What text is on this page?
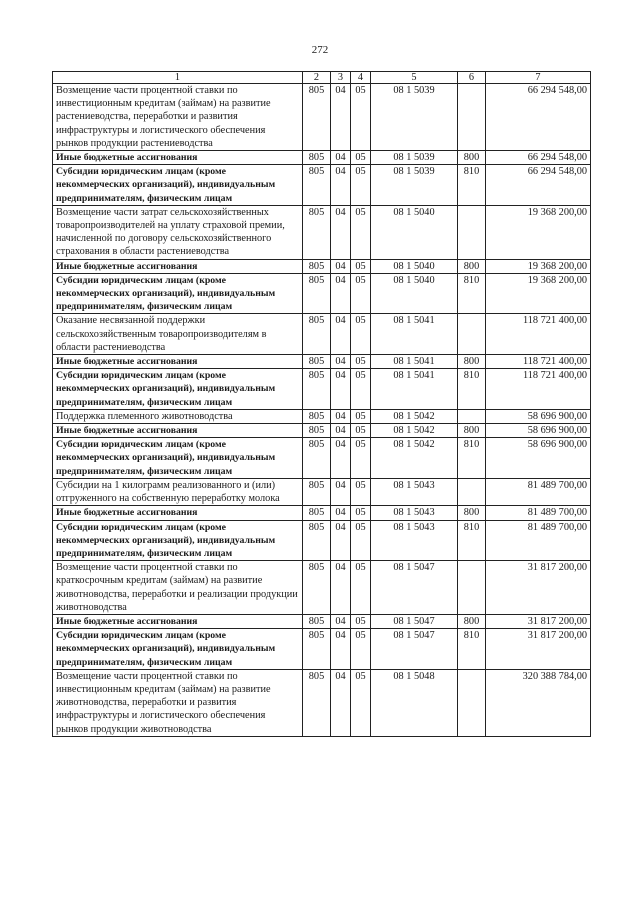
272
1	2	3	4	5	6	7
Возмещение части процентной ставки по инвестиционным кредитам (займам) на развитие растениеводства, переработки и развития инфраструктуры и логистического обеспечения рынков продукции растениеводства	805	04	05	08 1 5039		66 294 548,00
Иные бюджетные ассигнования	805	04	05	08 1 5039	800	66 294 548,00
Субсидии юридическим лицам (кроме некоммерческих организаций), индивидуальным предпринимателям, физическим лицам	805	04	05	08 1 5039	810	66 294 548,00
Возмещение части затрат сельскохозяйственных товаропроизводителей на уплату страховой премии, начисленной по договору сельскохозяйственного страхования в области растениеводства	805	04	05	08 1 5040		19 368 200,00
Иные бюджетные ассигнования	805	04	05	08 1 5040	800	19 368 200,00
Субсидии юридическим лицам (кроме некоммерческих организаций), индивидуальным предпринимателям, физическим лицам	805	04	05	08 1 5040	810	19 368 200,00
Оказание несвязанной поддержки сельскохозяйственным товаропроизводителям в области растениеводства	805	04	05	08 1 5041		118 721 400,00
Иные бюджетные ассигнования	805	04	05	08 1 5041	800	118 721 400,00
Субсидии юридическим лицам (кроме некоммерческих организаций), индивидуальным предпринимателям, физическим лицам	805	04	05	08 1 5041	810	118 721 400,00
Поддержка племенного животноводства	805	04	05	08 1 5042		58 696 900,00
Иные бюджетные ассигнования	805	04	05	08 1 5042	800	58 696 900,00
Субсидии юридическим лицам (кроме некоммерческих организаций), индивидуальным предпринимателям, физическим лицам	805	04	05	08 1 5042	810	58 696 900,00
Субсидии на 1 килограмм реализованного и (или) отгруженного на собственную переработку молока	805	04	05	08 1 5043		81 489 700,00
Иные бюджетные ассигнования	805	04	05	08 1 5043	800	81 489 700,00
Субсидии юридическим лицам (кроме некоммерческих организаций), индивидуальным предпринимателям, физическим лицам	805	04	05	08 1 5043	810	81 489 700,00
Возмещение части процентной ставки по краткосрочным кредитам (займам) на развитие животноводства, переработки и реализации продукции животноводства	805	04	05	08 1 5047		31 817 200,00
Иные бюджетные ассигнования	805	04	05	08 1 5047	800	31 817 200,00
Субсидии юридическим лицам (кроме некоммерческих организаций), индивидуальным предпринимателям, физическим лицам	805	04	05	08 1 5047	810	31 817 200,00
Возмещение части процентной ставки по инвестиционным кредитам (займам) на развитие животноводства, переработки и развития инфраструктуры и логистического обеспечения рынков продукции животноводства	805	04	05	08 1 5048		320 388 784,00
